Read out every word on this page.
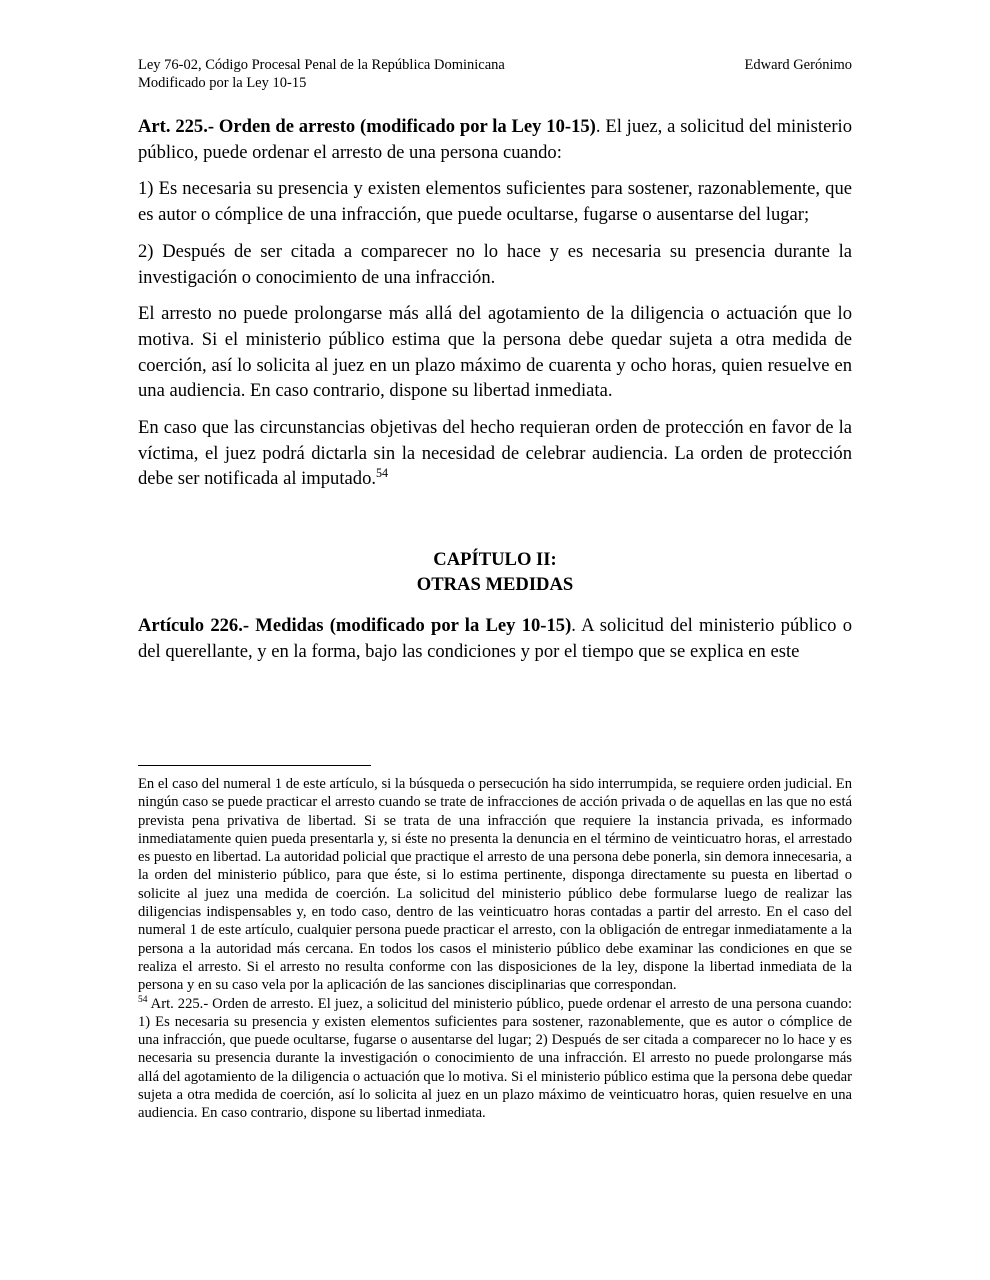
Ley 76-02, Código Procesal Penal de la República Dominicana
Modificado por la Ley 10-15
Edward Gerónimo

Art. 225.- Orden de arresto (modificado por la Ley 10-15). El juez, a solicitud del ministerio público, puede ordenar el arresto de una persona cuando:

1) Es necesaria su presencia y existen elementos suficientes para sostener, razonablemente, que es autor o cómplice de una infracción, que puede ocultarse, fugarse o ausentarse del lugar;

2) Después de ser citada a comparecer no lo hace y es necesaria su presencia durante la investigación o conocimiento de una infracción.

El arresto no puede prolongarse más allá del agotamiento de la diligencia o actuación que lo motiva. Si el ministerio público estima que la persona debe quedar sujeta a otra medida de coerción, así lo solicita al juez en un plazo máximo de cuarenta y ocho horas, quien resuelve en una audiencia. En caso contrario, dispone su libertad inmediata.

En caso que las circunstancias objetivas del hecho requieran orden de protección en favor de la víctima, el juez podrá dictarla sin la necesidad de celebrar audiencia. La orden de protección debe ser notificada al imputado.$^{54}$

CAPÍTULO II:
OTRAS MEDIDAS

Artículo 226.- Medidas (modificado por la Ley 10-15). A solicitud del ministerio público o del querellante, y en la forma, bajo las condiciones y por el tiempo que se explica en este

En el caso del numeral 1 de este artículo, si la búsqueda o persecución ha sido interrumpida, se requiere orden judicial. En ningún caso se puede practicar el arresto cuando se trate de infracciones de acción privada o de aquellas en las que no está prevista pena privativa de libertad. Si se trata de una infracción que requiere la instancia privada, es informado inmediatamente quien pueda presentarla y, si éste no presenta la denuncia en el término de veinticuatro horas, el arrestado es puesto en libertad. La autoridad policial que practique el arresto de una persona debe ponerla, sin demora innecesaria, a la orden del ministerio público, para que éste, si lo estima pertinente, disponga directamente su puesta en libertad o solicite al juez una medida de coerción. La solicitud del ministerio público debe formularse luego de realizar las diligencias indispensables y, en todo caso, dentro de las veinticuatro horas contadas a partir del arresto. En el caso del numeral 1 de este artículo, cualquier persona puede practicar el arresto, con la obligación de entregar inmediatamente a la persona a la autoridad más cercana. En todos los casos el ministerio público debe examinar las condiciones en que se realiza el arresto. Si el arresto no resulta conforme con las disposiciones de la ley, dispone la libertad inmediata de la persona y en su caso vela por la aplicación de las sanciones disciplinarias que correspondan.

$^{54}$ Art. 225.- Orden de arresto. El juez, a solicitud del ministerio público, puede ordenar el arresto de una persona cuando: 1) Es necesaria su presencia y existen elementos suficientes para sostener, razonablemente, que es autor o cómplice de una infracción, que puede ocultarse, fugarse o ausentarse del lugar; 2) Después de ser citada a comparecer no lo hace y es necesaria su presencia durante la investigación o conocimiento de una infracción. El arresto no puede prolongarse más allá del agotamiento de la diligencia o actuación que lo motiva. Si el ministerio público estima que la persona debe quedar sujeta a otra medida de coerción, así lo solicita al juez en un plazo máximo de veinticuatro horas, quien resuelve en una audiencia. En caso contrario, dispone su libertad inmediata.
